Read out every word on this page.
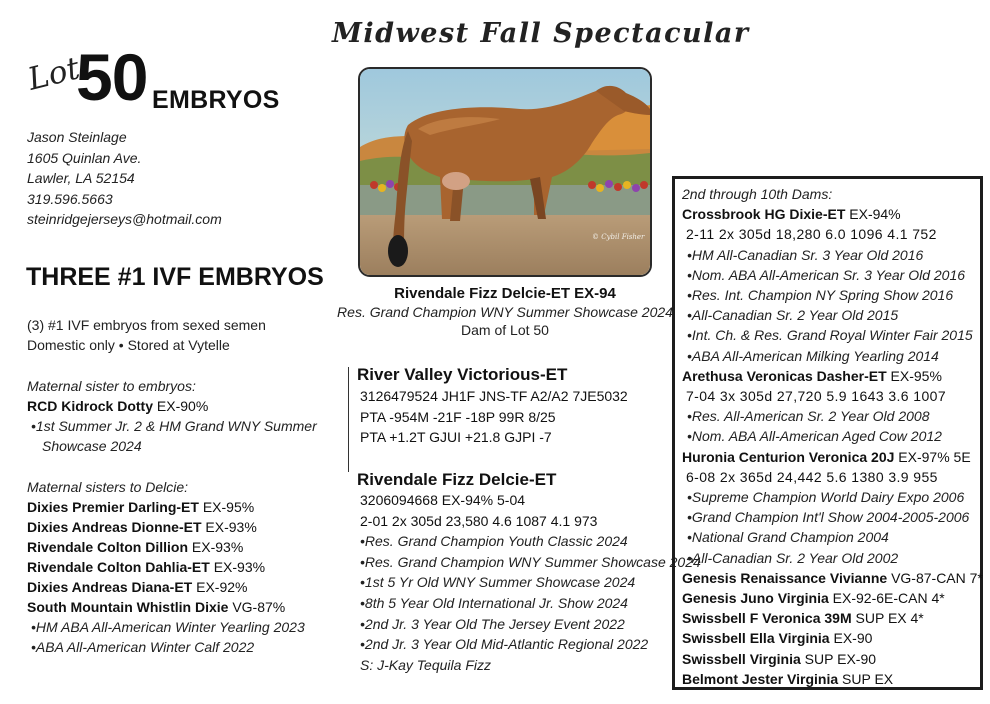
Midwest Fall Spectacular
Lot
50 EMBRYOS
Jason Steinlage
1605 Quinlan Ave.
Lawler, LA 52154
319.596.5663
steinridgejerseys@hotmail.com
THREE #1 IVF EMBRYOS
(3) #1 IVF embryos from sexed semen
Domestic only • Stored at Vytelle
Maternal sister to embryos:
RCD Kidrock Dotty EX-90%
•1st Summer Jr. 2 & HM Grand WNY Summer
Showcase 2024
Maternal sisters to Delcie:
Dixies Premier Darling-ET EX-95%
Dixies Andreas Dionne-ET EX-93%
Rivendale Colton Dillion EX-93%
Rivendale Colton Dahlia-ET EX-93%
Dixies Andreas Diana-ET EX-92%
South Mountain Whistlin Dixie VG-87%
•HM ABA All-American Winter Yearling 2023
•ABA All-American Winter Calf 2022
© Cybil Fisher
Rivendale Fizz Delcie-ET EX-94
Res. Grand Champion WNY Summer Showcase 2024
Dam of Lot 50
River Valley Victorious-ET
3126479524 JH1F JNS-TF A2/A2 7JE5032
PTA -954M -21F -18P 99R 8/25
PTA +1.2T GJUI +21.8 GJPI -7
Rivendale Fizz Delcie-ET
3206094668 EX-94% 5-04
2-01 2x 305d 23,580 4.6 1087 4.1 973
•Res. Grand Champion Youth Classic 2024
•Res. Grand Champion WNY Summer Showcase 2024
•1st 5 Yr Old WNY Summer Showcase 2024
•8th 5 Year Old International Jr. Show 2024
•2nd Jr. 3 Year Old The Jersey Event 2022
•2nd Jr. 3 Year Old Mid-Atlantic Regional 2022
S: J-Kay Tequila Fizz
2nd through 10th Dams:
Crossbrook HG Dixie-ET EX-94%
2-11 2x 305d 18,280 6.0 1096 4.1 752
•HM All-Canadian Sr. 3 Year Old 2016
•Nom. ABA All-American Sr. 3 Year Old 2016
•Res. Int. Champion NY Spring Show 2016
•All-Canadian Sr. 2 Year Old 2015
•Int. Ch. & Res. Grand Royal Winter Fair 2015
•ABA All-American Milking Yearling 2014
Arethusa Veronicas Dasher-ET EX-95%
7-04 3x 305d 27,720 5.9 1643 3.6 1007
•Res. All-American Sr. 2 Year Old 2008
•Nom. ABA All-American Aged Cow 2012
Huronia Centurion Veronica 20J EX-97% 5E
6-08 2x 365d 24,442 5.6 1380 3.9 955
•Supreme Champion World Dairy Expo 2006
•Grand Champion Int'l Show 2004-2005-2006
•National Grand Champion 2004
•All-Canadian Sr. 2 Year Old 2002
Genesis Renaissance Vivianne VG-87-CAN 7*
Genesis Juno Virginia EX-92-6E-CAN 4*
Swissbell F Veronica 39M SUP EX 4*
Swissbell Ella Virginia EX-90
Swissbell Virginia SUP EX-90
Belmont Jester Virginia SUP EX
